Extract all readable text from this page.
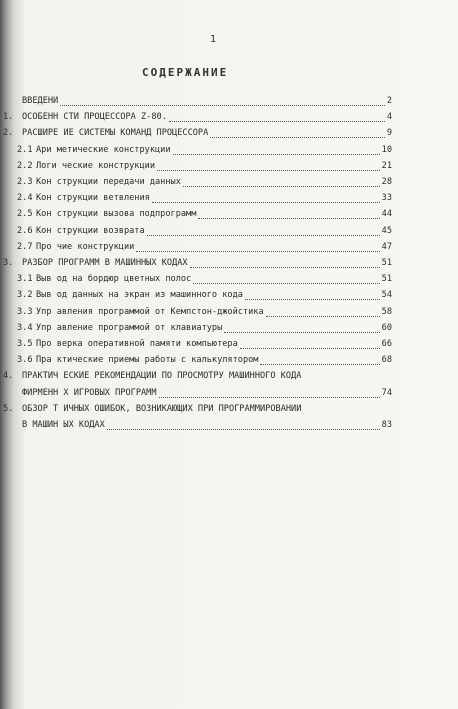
1
СОДЕРЖАНИЕ
ВВЕДЕНИ	2
1. ОСОБЕНН СТИ ПРОЦЕССОРА Z-80.	4
2. РАСШИРЕ ИЕ СИСТЕМЫ КОМАНД ПРОЦЕССОРА	9
2.1 Ари метические конструкции	10
2.2 Логи ческие конструкции	21
2.3 Кон струкции передачи данных	28
2.4 Кон струкции ветвления	33
2.5 Кон струкции вызова подпрограмм	44
2.6 Кон струкции возврата	45
2.7 Про чие конструкции	47
3. РАЗБОР ПРОГРАММ В МАШИННЫХ КОДАХ	51
3.1 Выв од на бордюр цветных полос	51
3.2 Выв од данных на экран из машинного кода	54
3.3 Упр авления программой от Кемпстон-джойстика	58
3.4 Упр авление программой от клавиатуры	60
3.5 Про верка оперативной памяти компьютера	66
3.6 Пра ктические приемы работы с калькулятором	68
4. ПРАКТИЧ ЕСКИЕ РЕКОМЕНДАЦИИ ПО ПРОСМОТРУ МАШИННОГО КОДА
ФИРМЕНН Х ИГРОВЫХ ПРОГРАММ	74
5. ОБЗОР Т ИЧНЫХ ОШИБОК, ВОЗНИКАЮЩИХ ПРИ ПРОГРАММИРОВАНИИ
В МАШИН ЫХ КОДАХ	83
